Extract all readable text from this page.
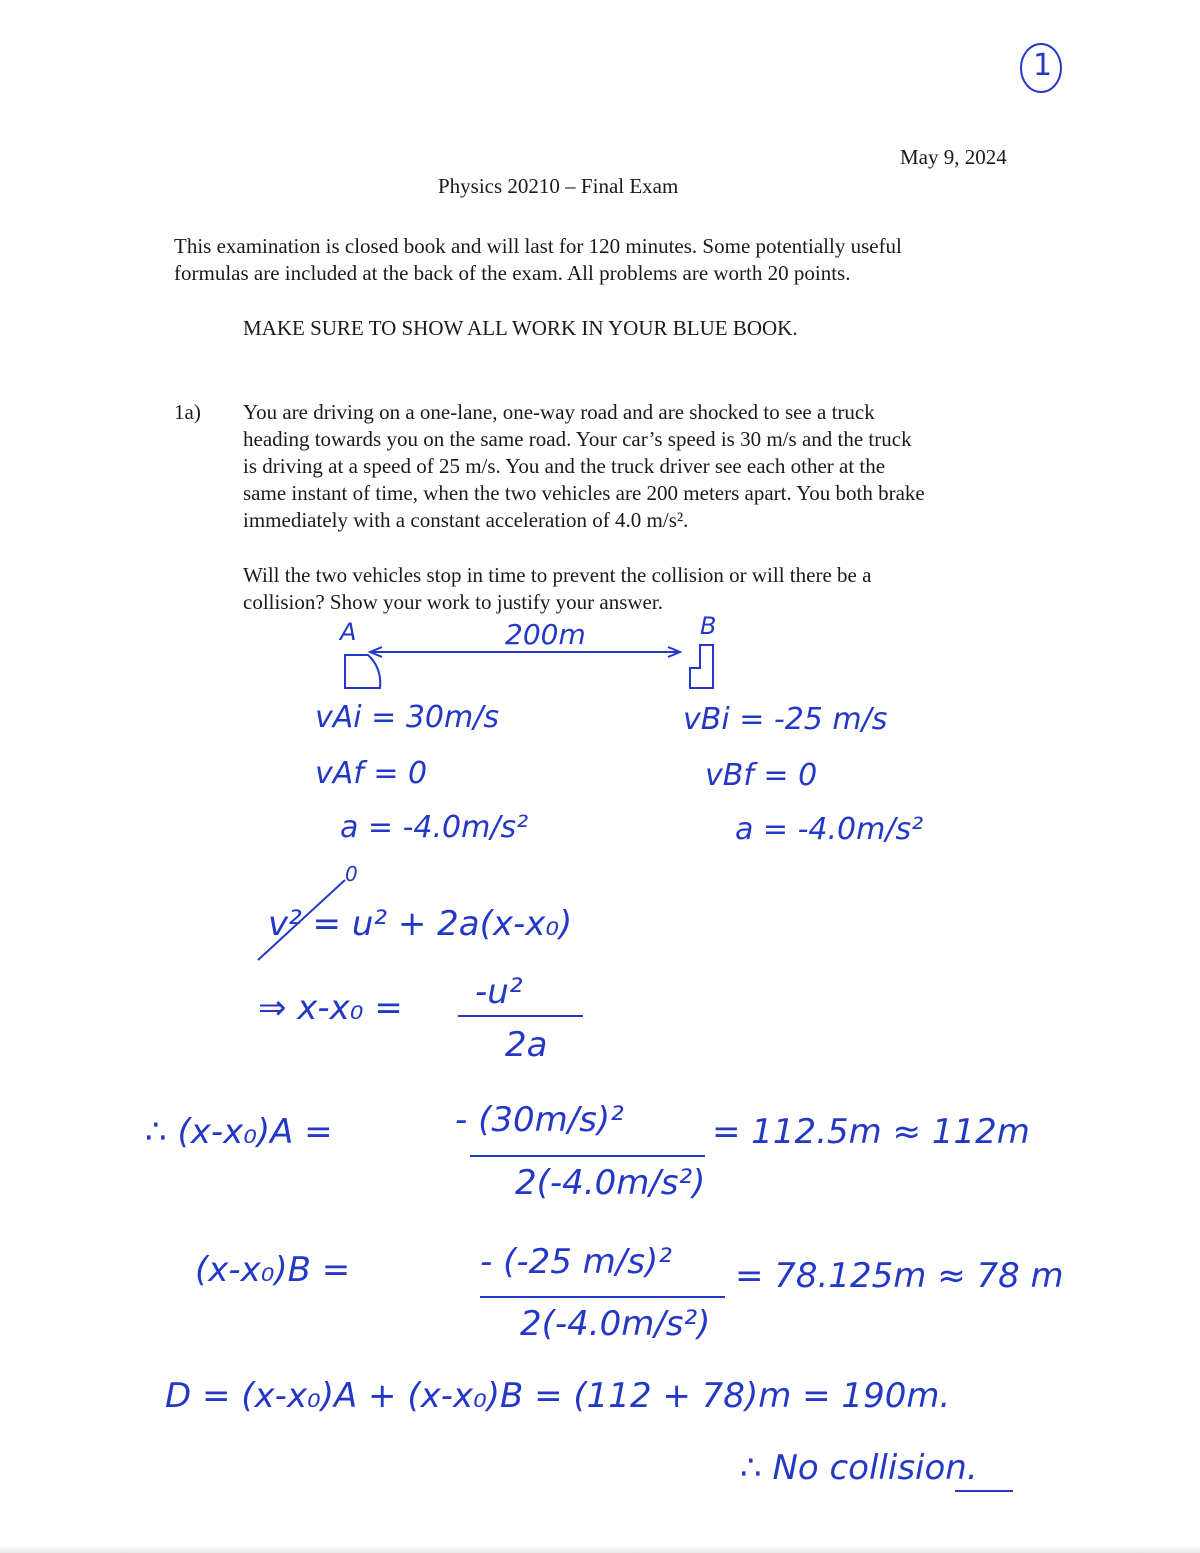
1
May 9, 2024
Physics 20210 – Final Exam
This examination is closed book and will last for 120 minutes. Some potentially useful
formulas are included at the back of the exam. All problems are worth 20 points.
MAKE SURE TO SHOW ALL WORK IN YOUR BLUE BOOK.
1a) You are driving on a one-lane, one-way road and are shocked to see a truck
heading towards you on the same road. Your car’s speed is 30 m/s and the truck
is driving at a speed of 25 m/s. You and the truck driver see each other at the
same instant of time, when the two vehicles are 200 meters apart. You both brake
immediately with a constant acceleration of 4.0 m/s².
Will the two vehicles stop in time to prevent the collision or will there be a
collision? Show your work to justify your answer.
A	B
200m
vAi = 30m/s
vAf = 0
a = -4.0m/s²
vBi = -25 m/s
vBf = 0
a = -4.0m/s²
0
v² = u² + 2a(x-x₀)
⇒ x-x₀ = -u²
2a
∴ (x-x₀)A =	- (30m/s)²
2(-4.0m/s²)
= 112.5m ≈ 112m
(x-x₀)B =	- (-25 m/s)²
2(-4.0m/s²)
= 78.125m ≈ 78 m
D = (x-x₀)A + (x-x₀)B = (112 + 78)m = 190m.
∴ No collision.
